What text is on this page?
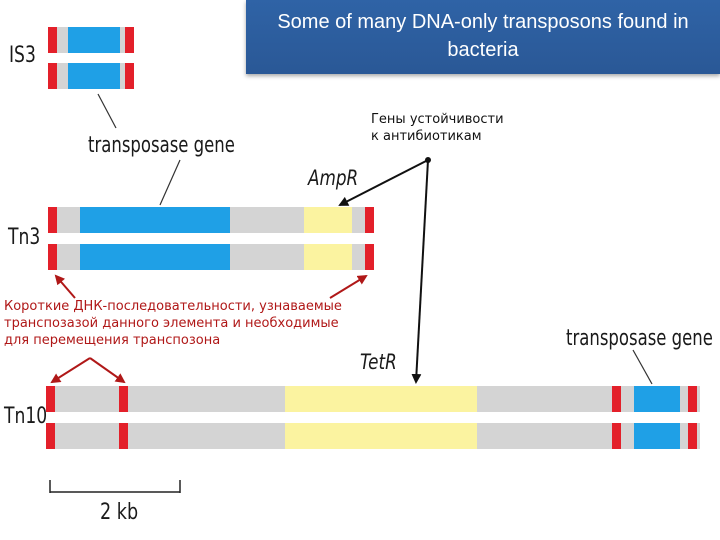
Some of many DNA-only transposons found in
bacteria
IS3
Tn3
Tn10
transposase gene
AmpR
TetR
transposase gene
2 kb
Гены устойчивости
к антибиотикам
Короткие ДНК-последовательности, узнаваемые
транспозазой данного элемента и необходимые
для перемещения транспозона
